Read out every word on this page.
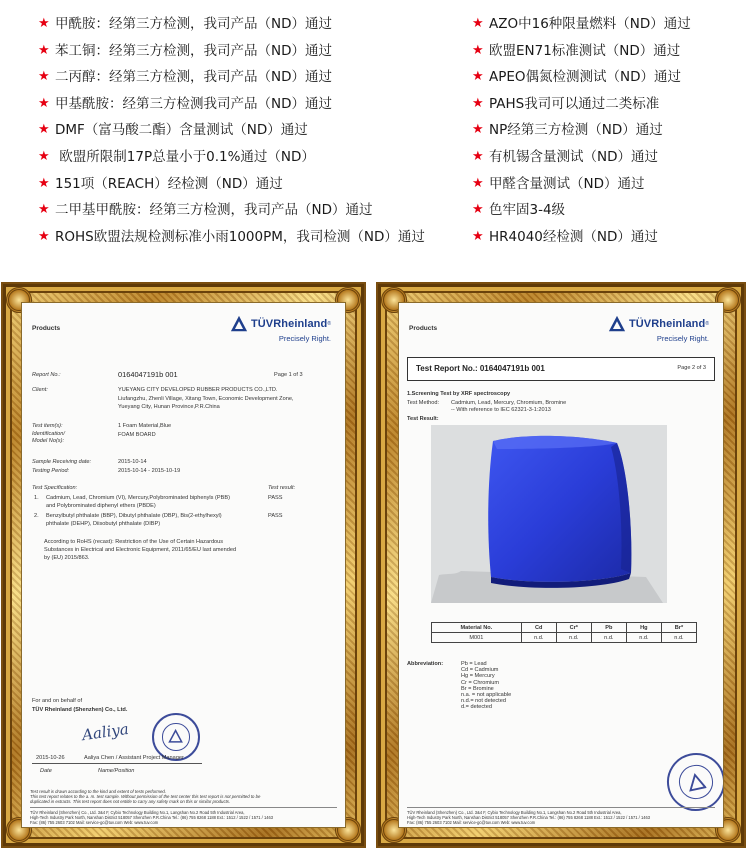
★ 甲酰胺：经第三方检测，我司产品（ND）通过
★ 苯工铜：经第三方检测，我司产品（ND）通过
★ 二丙醇：经第三方检测，我司产品（ND）通过
★ 甲基酰胺：经第三方检测我司产品（ND）通过
★ DMF（富马酸二酯）含量测试（ND）通过
★ 欧盟所限制17P总量小于0.1%通过（ND）
★ 151项（REACH）经检测（ND）通过
★ 二甲基甲酰胺：经第三方检测，我司产品（ND）通过
★ ROHS欧盟法规检测标准小雨1000PM，我司检测（ND）通过
★ AZO中16种限量燃料（ND）通过
★ 欧盟EN71标准测试（ND）通过
★ APEO偶氮检测测试（ND）通过
★ PAHS我司可以通过二类标准
★ NP经第三方检测（ND）通过
★ 有机锡含量测试（ND）通过
★ 甲醛含量测试（ND）通过
★ 色牢固3-4级
★ HR4040经检测（ND）通过
Products	TÜVRheinland ®
Precisely Right.
Report No.:	0164047191b 001	Page 1 of 3
Client:	YUEYANG CITY DEVELOPED RUBBER PRODUCTS CO.,LTD.
Liufangzhu, Zhenli Village, Xitang Town, Economic Development Zone,
Yueyang City, Hunan Province,P.R.China
Test item(s):	1 Foam Material,Blue
Identification/
Model No(s):
FOAM BOARD
Sample Receiving date:	2015-10-14
Testing Period:	2015-10-14 - 2015-10-19
Test Specification:	Test result:
1. Cadmium, Lead, Chromium (VI), Mercury,Polybrominated biphenyls (PBB)
and Polybrominated diphenyl ethers (PBDE)
PASS
2. Benzylbutyl phthalate (BBP), Dibutyl phthalate (DBP), Bis(2-ethylhexyl)
phthalate (DEHP), Diisobutyl phthalate (DIBP)
PASS
According to RoHS (recast): Restriction of the Use of Certain Hazardous
Substances in Electrical and Electronic Equipment, 2011/65/EU last amended
by (EU) 2015/863.
For and on behalf of
TÜV Rheinland (Shenzhen) Co., Ltd.
Aaliya
2015-10-26	Aaliya Chen / Assistant Project Manager
Date	Name/Position
Test result is drawn according to the kind and extent of tests performed.
This test report relates to the a. m. test sample. Without permission of the test center this test report is not permitted to be
duplicated in extracts. This test report does not entitle to carry any safety mark on this or similar products.
TÜV Rheinland (Shenzhen) Co., Ltd. 3&4 F, Cybio Technology Building No.1, Langshan No.2 Road 5th Industrial Area,
High-Tech Industry Park North, Nanshan District 518057 Shenzhen P.R.China Tel.: (86) 755 8268 1188 Ext.: 1512 / 1522 / 1571 / 1463
Fax: (86) 755 2603 7102 Mail: service-gc@tuv.com Web: www.tuv.com
Products	TÜVRheinland ®
Precisely Right.
Test Report No.: 0164047191b 001	Page 2 of 3
1.Screening Test by XRF spectroscopy
Test Method: Cadmium, Lead, Mercury, Chromium, Bromine
-- With reference to IEC 62321-3-1:2013
Test Result:
Material No.	Cd	Cr*	Pb	Hg	Br*
M001	n.d.	n.d.	n.d.	n.d.	n.d.
Abbreviation:	Pb = Lead
Cd = Cadmium
Hg = Mercury
Cr = Chromium
Br = Bromine
n.a. = not applicable
n.d.= not detected
d.= detected
TÜV Rheinland (Shenzhen) Co., Ltd. 3&4 F, Cybio Technology Building No.1, Langshan No.2 Road 5th Industrial Area,
High-Tech Industry Park North, Nanshan District 518057 Shenzhen P.R.China Tel.: (86) 755 8268 1188 Ext.: 1512 / 1522 / 1571 / 1463
Fax: (86) 755 2603 7102 Mail: service-gc@tuv.com Web: www.tuv.com
